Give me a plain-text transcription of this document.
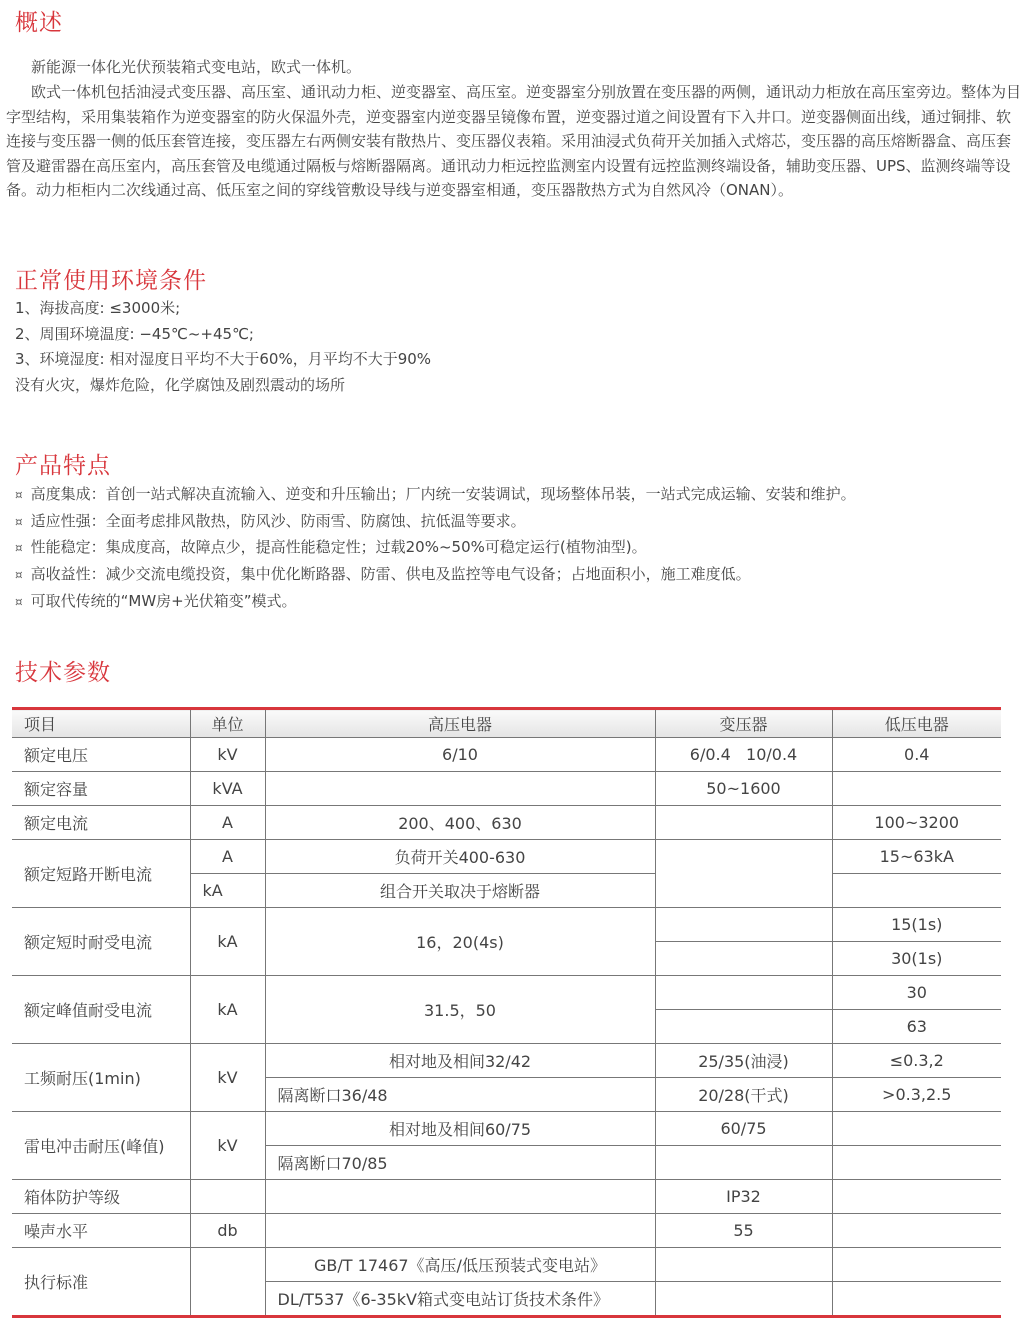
概述

新能源一体化光伏预装箱式变电站，欧式一体机。

欧式一体机包括油浸式变压器、高压室、通讯动力柜、逆变器室、高压室。逆变器室分别放置在变压器的两侧，通讯动力柜放在高压室旁边。整体为目字型结构，采用集装箱作为逆变器室的防火保温外壳，逆变器室内逆变器呈镜像布置，逆变器过道之间设置有下入井口。逆变器侧面出线，通过铜排、软连接与变压器一侧的低压套管连接，变压器左右两侧安装有散热片、变压器仪表箱。采用油浸式负荷开关加插入式熔芯，变压器的高压熔断器盒、高压套管及避雷器在高压室内，高压套管及电缆通过隔板与熔断器隔离。通讯动力柜远控监测室内设置有远控监测终端设备，辅助变压器、UPS、监测终端等设备。动力柜柜内二次线通过高、低压室之间的穿线管敷设导线与逆变器室相通，变压器散热方式为自然风冷（ONAN）。

正常使用环境条件
1、海拔高度: ≤3000米;
2、周围环境温度: −45℃~+45℃;
3、环境湿度: 相对湿度日平均不大于60%，月平均不大于90%
没有火灾，爆炸危险，化学腐蚀及剧烈震动的场所
产品特点
¤ 高度集成：首创一站式解决直流输入、逆变和升压输出；厂内统一安装调试，现场整体吊装，一站式完成运输、安装和维护。
¤ 适应性强：全面考虑排风散热，防风沙、防雨雪、防腐蚀、抗低温等要求。
¤ 性能稳定：集成度高，故障点少，提高性能稳定性；过载20%~50%可稳定运行(植物油型)。
¤ 高收益性：减少交流电缆投资，集中优化断路器、防雷、供电及监控等电气设备；占地面积小，施工难度低。
¤ 可取代传统的“MW房+光伏箱变”模式。
技术参数
项目	单位	高压电器	变压器	低压电器
额定电压	kV	6/10	6/0.4   10/0.4	0.4
额定容量	kVA		50~1600	
额定电流	A	200、400、630		100~3200
额定短路开断电流	A	负荷开关400-630		15~63kA
	kA	组合开关取决于熔断器		
额定短时耐受电流	kA	16，20(4s)		15(1s)
				30(1s)
额定峰值耐受电流	kA	31.5，50		30
				63
工频耐压(1min)	kV	相对地及相间32/42	25/35(油浸)	≤0.3,2
		隔离断口36/48	20/28(干式)	>0.3,2.5
雷电冲击耐压(峰值)	kV	相对地及相间60/75	60/75	
		隔离断口70/85		
箱体防护等级			IP32	
噪声水平	db		55	
执行标准		GB/T 17467《高压/低压预装式变电站》		
		DL/T537《6-35kV箱式变电站订货技术条件》		
